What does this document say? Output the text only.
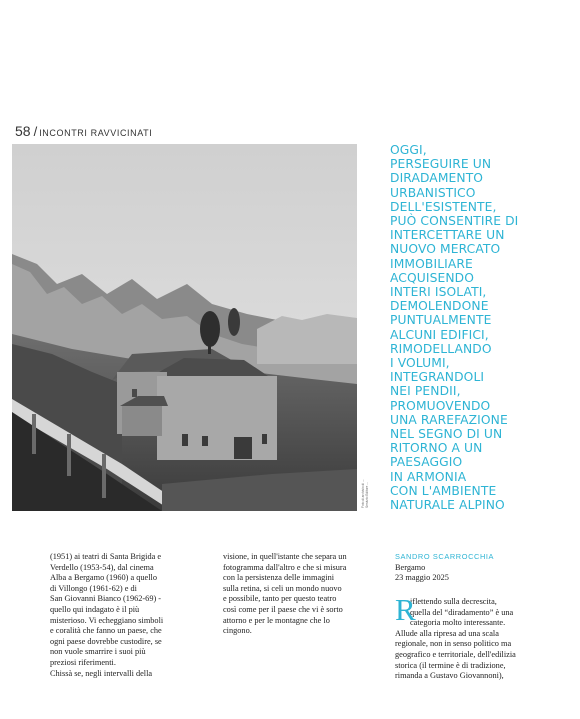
58 / INCONTRI RAVVICINATI
Foto di archivio di ...
Servizio Editore ...
OGGI,
PERSEGUIRE UN
DIRADAMENTO
URBANISTICO
DELL'ESISTENTE,
PUÒ CONSENTIRE DI
INTERCETTARE UN
NUOVO MERCATO
IMMOBILIARE
ACQUISENDO
INTERI ISOLATI,
DEMOLENDONE
PUNTUALMENTE
ALCUNI EDIFICI,
RIMODELLANDO
I VOLUMI,
INTEGRANDOLI
NEI PENDII,
PROMUOVENDO
UNA RAREFAZIONE
NEL SEGNO DI UN
RITORNO A UN
PAESAGGIO
IN ARMONIA
CON L'AMBIENTE
NATURALE ALPINO
(1951) ai teatri di Santa Brigida e
Verdello (1953-54), dal cinema
Alba a Bergamo (1960) a quello
di Villongo (1961-62) e di
San Giovanni Bianco (1962-69) -
quello qui indagato è il più
misterioso. Vi echeggiano simboli
e coralità che fanno un paese, che
ogni paese dovrebbe custodire, se
non vuole smarrire i suoi più
preziosi riferimenti.
Chissà se, negli intervalli della
visione, in quell'istante che separa un
fotogramma dall'altro e che si misura
con la persistenza delle immagini
sulla retina, si celi un mondo nuovo
e possibile, tanto per questo teatro
così come per il paese che vi è sorto
attorno e per le montagne che lo
cingono.
SANDRO SCARROCCHIA
Bergamo
23 maggio 2025
R
iflettendo sulla decrescita,
quella del “diradamento” è una
categoria molto interessante.
Allude alla ripresa ad una scala
regionale, non in senso politico ma
geografico e territoriale, dell'edilizia
storica (il termine è di tradizione,
rimanda a Gustavo Giovannoni),
